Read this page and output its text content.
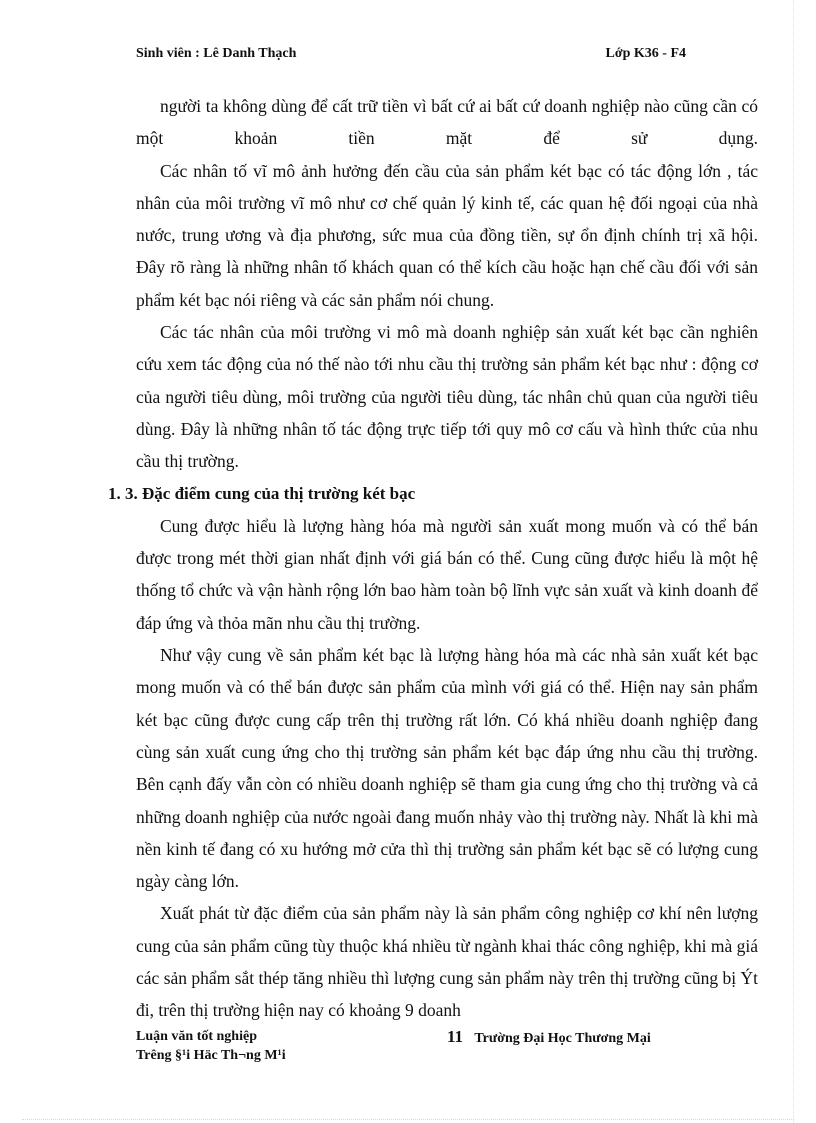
Sinh viên : Lê Danh Thạch	Lớp K36 - F4

người ta không dùng để cất trữ tiền vì bất cứ ai bất cứ doanh nghiệp nào cũng cần có một khoản tiền mặt để sử dụng.

Các nhân tố vĩ mô ảnh hưởng đến cầu của sản phẩm két bạc có tác động lớn , tác nhân của môi trường vĩ mô như cơ chế quản lý kinh tế, các quan hệ đối ngoại của nhà nước, trung ương và địa phương, sức mua của đồng tiền, sự ổn định chính trị xã hội. Đây rõ ràng là những nhân tố khách quan có thể kích cầu hoặc hạn chế cầu đối với sản phẩm két bạc nói riêng và các sản phẩm nói chung.

Các tác nhân của môi trường vi mô mà doanh nghiệp sản xuất két bạc cần nghiên cứu xem tác động của nó thế nào tới nhu cầu thị trường sản phẩm két bạc như : động cơ của người tiêu dùng, môi trường của người tiêu dùng, tác nhân chủ quan của người tiêu dùng. Đây là những nhân tố tác động trực tiếp tới quy mô cơ cấu và hình thức của nhu cầu thị trường.

1. 3. Đặc điểm cung của thị trường két bạc

Cung được hiểu là lượng hàng hóa mà người sản xuất mong muốn và có thể bán được trong mét thời gian nhất định với giá bán có thể. Cung cũng được hiểu là một hệ thống tổ chức và vận hành rộng lớn bao hàm toàn bộ lĩnh vực sản xuất và kinh doanh để đáp ứng và thỏa mãn nhu cầu thị trường.

Như vậy cung về sản phẩm két bạc là lượng hàng hóa mà các nhà sản xuất két bạc mong muốn và có thể bán được sản phẩm của mình với giá có thể. Hiện nay sản phẩm két bạc cũng được cung cấp trên thị trường rất lớn. Có khá nhiều doanh nghiệp đang cùng sản xuất cung ứng cho thị trường sản phẩm két bạc đáp ứng nhu cầu thị trường. Bên cạnh đấy vẫn còn có nhiều doanh nghiệp sẽ tham gia cung ứng cho thị trường và cả những doanh nghiệp của nước ngoài đang muốn nhảy vào thị trường này. Nhất là khi mà nền kinh tế đang có xu hướng mở cửa thì thị trường sản phẩm két bạc sẽ có lượng cung ngày càng lớn.

Xuất phát từ đặc điểm của sản phẩm này là sản phẩm công nghiệp cơ khí nên lượng cung của sản phẩm cũng tùy thuộc khá nhiều từ ngành khai thác công nghiệp, khi mà giá các sản phẩm sắt thép tăng nhiều thì lượng cung sản phẩm này trên thị trường cũng bị Ýt đi, trên thị trường hiện nay có khoảng 9 doanh

Luận văn tốt nghiệp
Trêng §¹i Häc Th¬ng M¹i
11 Trường Đại Học Thương Mại
